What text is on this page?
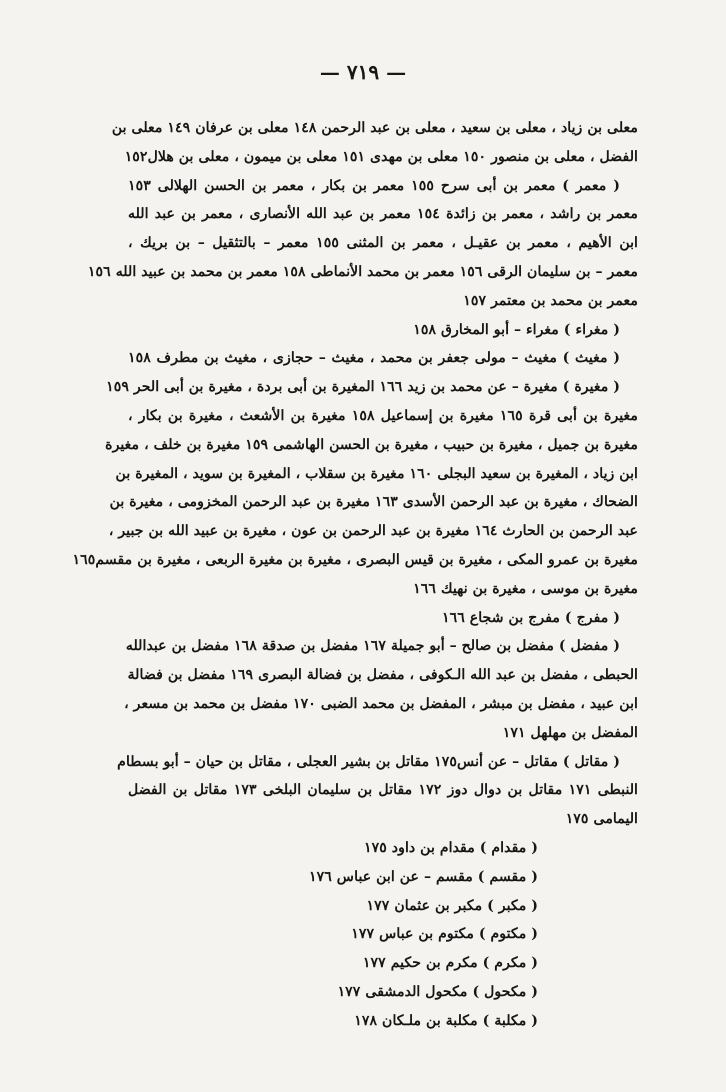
— ٧١٩ —
معلى بن زياد ، معلى بن سعيد ، معلى بن عبد الرحمن ١٤٨ معلى بن عرفان ١٤٩ معلى بن
الفضل ، معلى بن منصور ١٥٠ معلى بن مهدى ١٥١ معلى بن ميمون ، معلى بن هلال١٥٢
( معمر ) معمر بن أبى سرح ١٥٥ معمر بن بكار ، معمر بن الحسن الهلالى ١٥٣
معمر بن راشد ، معمر بن زائدة ١٥٤ معمر بن عبد الله الأنصارى ، معمر بن عبد الله
ابن الأهيم ، معمر بن عقيـل ، معمر بن المثنى ١٥٥ معمر – بالتثقيل – بن بريك ،
معمر – بن سليمان الرقى ١٥٦ معمر بن محمد الأنماطى ١٥٨ معمر بن محمد بن عبيد الله ١٥٦
معمر بن محمد بن معتمر ١٥٧
( مغراء ) مغراء – أبو المخارق ١٥٨
( مغيث ) مغيث – مولى جعفر بن محمد ، مغيث – حجازى ، مغيث بن مطرف ١٥٨
( مغيرة ) مغيرة – عن محمد بن زيد ١٦٦ المغيرة بن أبى بردة ، مغيرة بن أبى الحر ١٥٩
مغيرة بن أبى قرة ١٦٥ مغيرة بن إسماعيل ١٥٨ مغيرة بن الأشعث ، مغيرة بن بكار ،
مغيرة بن جميل ، مغيرة بن حبيب ، مغيرة بن الحسن الهاشمى ١٥٩ مغيرة بن خلف ، مغيرة
ابن زياد ، المغيرة بن سعيد البجلى ١٦٠ مغيرة بن سقلاب ، المغيرة بن سويد ، المغيرة بن
الضحاك ، مغيرة بن عبد الرحمن الأسدى ١٦٣ مغيرة بن عبد الرحمن المخزومى ، مغيرة بن
عبد الرحمن بن الحارث ١٦٤ مغيرة بن عبد الرحمن بن عون ، مغيرة بن عبيد الله بن جبير ،
مغيرة بن عمرو المكى ، مغيرة بن قيس البصرى ، مغيرة بن مغيرة الربعى ، مغيرة بن مقسم١٦٥
مغيرة بن موسى ، مغيرة بن نهيك ١٦٦
( مفرج ) مفرج بن شجاع ١٦٦
( مفضل ) مفضل بن صالح – أبو جميلة ١٦٧ مفضل بن صدقة ١٦٨ مفضل بن عبدالله
الحبطى ، مفضل بن عبد الله الـكوفى ، مفضل بن فضالة البصرى ١٦٩ مفضل بن فضالة
ابن عبيد ، مفضل بن مبشر ، المفضل بن محمد الضبى ١٧٠ مفضل بن محمد بن مسعر ،
المفضل بن مهلهل ١٧١
( مقاتل ) مقاتل – عن أنس١٧٥ مقاتل بن بشير العجلى ، مقاتل بن حيان – أبو بسطام
النبطى ١٧١ مقاتل بن دوال دوز ١٧٢ مقاتل بن سليمان البلخى ١٧٣ مقاتل بن الفضل
اليمامى ١٧٥
( مقدام ) مقدام بن داود ١٧٥
( مقسم ) مقسم – عن ابن عباس ١٧٦
( مكبر ) مكبر بن عثمان ١٧٧
( مكتوم ) مكتوم بن عباس ١٧٧
( مكرم ) مكرم بن حكيم ١٧٧
( مكحول ) مكحول الدمشقى ١٧٧
( مكلبة ) مكلبة بن ملـكان ١٧٨
